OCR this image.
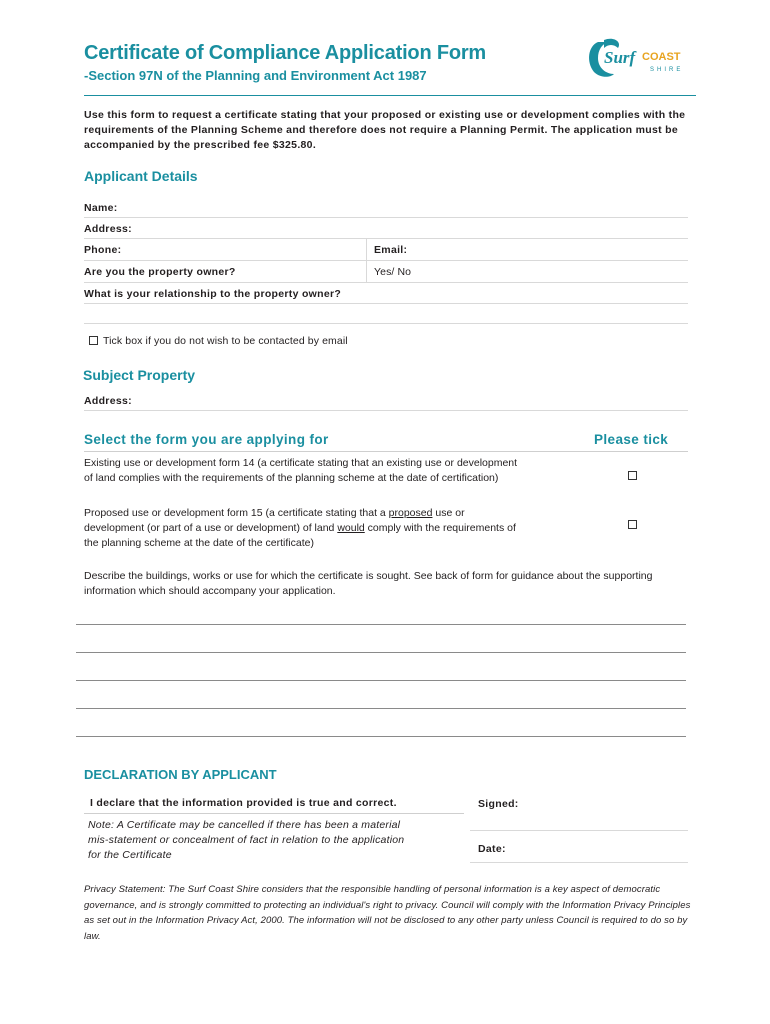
Certificate of Compliance Application Form
-Section 97N of the Planning and Environment Act 1987
Surf COAST
SHIRE
Use this form to request a certificate stating that your proposed or existing use or development complies with the requirements of the Planning Scheme and therefore does not require a Planning Permit. The application must be accompanied by the prescribed fee $325.80.
Applicant Details
Name:
Address:
Phone:	Email:
Are you the property owner?	Yes/ No
What is your relationship to the property owner?
Tick box if you do not wish to be contacted by email
Subject Property
Address:
Select the form you are applying for	Please tick
Existing use or development form 14 (a certificate stating that an existing use or development of land complies with the requirements of the planning scheme at the date of certification)
Proposed use or development form 15 (a certificate stating that a proposed use or development (or part of a use or development) of land would comply with the requirements of the planning scheme at the date of the certificate)
Describe the buildings, works or use for which the certificate is sought. See back of form for guidance about the supporting information which should accompany your application.
DECLARATION BY APPLICANT
I declare that the information provided is true and correct.
Note: A Certificate may be cancelled if there has been a material mis-statement or concealment of fact in relation to the application for the Certificate
Signed:
Date:
Privacy Statement: The Surf Coast Shire considers that the responsible handling of personal information is a key aspect of democratic governance, and is strongly committed to protecting an individual's right to privacy. Council will comply with the Information Privacy Principles as set out in the Information Privacy Act, 2000. The information will not be disclosed to any other party unless Council is required to do so by law.
